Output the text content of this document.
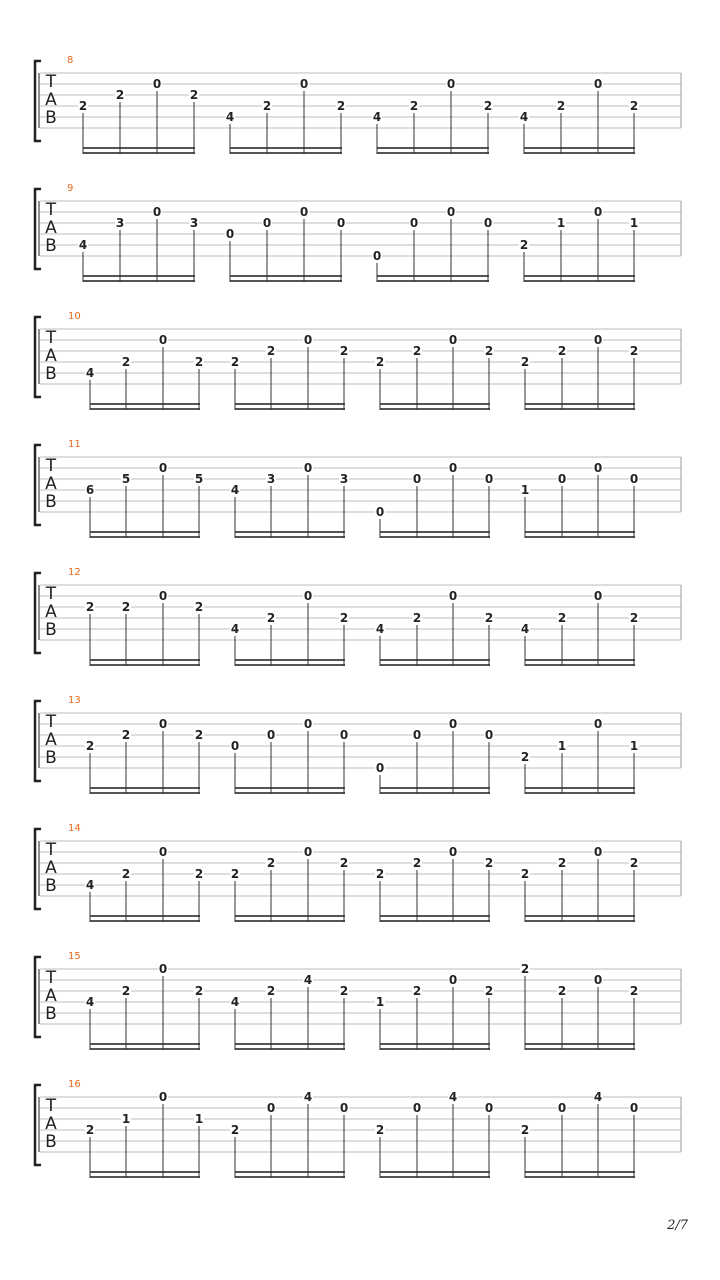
T
A
B
8
2
2
0
2
4
2
0
2
4
2
0
2
4
2
0
2
T
A
B
9
4
3
0
3
0
0
0
0
0
0
0
0
2
1
0
1
T
A
B
10
4
2
0
2 2
2
0
2
2
2
0
2
2
2
0
2
T
A
B
11
6
5
0
5
4
3
0
3
0
0
0
0
1
0
0
0
T
A
B
12
2 2
0
2
4
2
0
2
4
2
0
2
4
2
0
2
T
A
B
13
2
2
0
2
0
0
0
0
0
0
0
0
2
1
0
1
T
A
B
14
4
2
0
2 2
2
0
2
2
2
0
2
2
2
0
2
T
A
B
15
4
2
0
2
4
2
4
2
1
2
0
2
2
2
0
2
T
A
B
16
2
1
0
1
2
0
4
0
2
0
4
0
2
0
4
0
2/7
